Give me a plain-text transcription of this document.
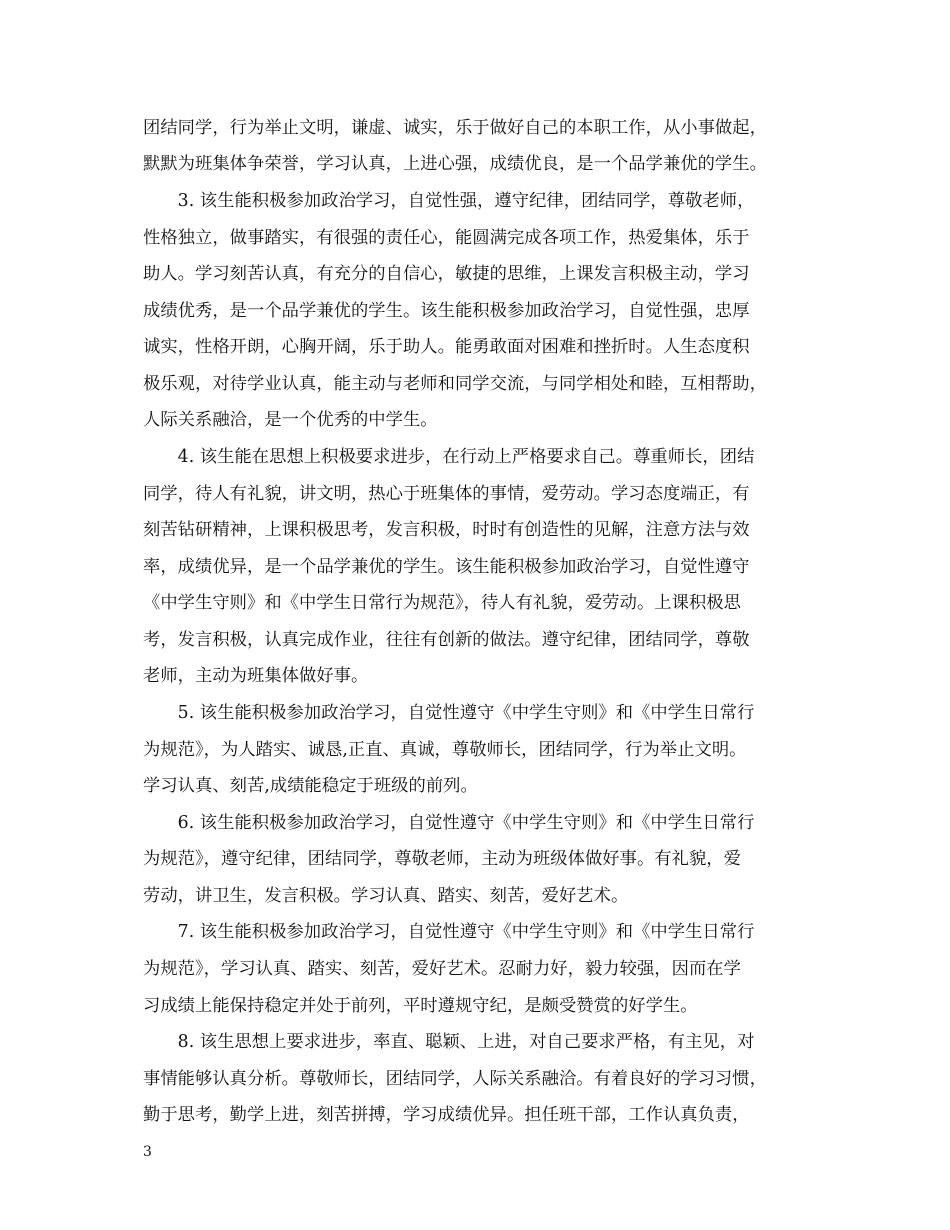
团结同学，行为举止文明，谦虚、诚实，乐于做好自己的本职工作，从小事做起，
默默为班集体争荣誉，学习认真，上进心强，成绩优良，是一个品学兼优的学生。
　　3. 该生能积极参加政治学习，自觉性强，遵守纪律，团结同学，尊敬老师，
性格独立，做事踏实，有很强的责任心，能圆满完成各项工作，热爱集体，乐于
助人。学习刻苦认真，有充分的自信心，敏捷的思维，上课发言积极主动，学习
成绩优秀，是一个品学兼优的学生。该生能积极参加政治学习，自觉性强，忠厚
诚实，性格开朗，心胸开阔，乐于助人。能勇敢面对困难和挫折时。人生态度积
极乐观，对待学业认真，能主动与老师和同学交流，与同学相处和睦，互相帮助，
人际关系融洽，是一个优秀的中学生。
　　4. 该生能在思想上积极要求进步，在行动上严格要求自己。尊重师长，团结
同学，待人有礼貌，讲文明，热心于班集体的事情，爱劳动。学习态度端正，有
刻苦钻研精神，上课积极思考，发言积极，时时有创造性的见解，注意方法与效
率，成绩优异，是一个品学兼优的学生。该生能积极参加政治学习，自觉性遵守
《中学生守则》和《中学生日常行为规范》，待人有礼貌，爱劳动。上课积极思
考，发言积极，认真完成作业，往往有创新的做法。遵守纪律，团结同学，尊敬
老师，主动为班集体做好事。
　　5. 该生能积极参加政治学习，自觉性遵守《中学生守则》和《中学生日常行
为规范》，为人踏实、诚恳,正直、真诚，尊敬师长，团结同学，行为举止文明。
学习认真、刻苦,成绩能稳定于班级的前列。
　　6. 该生能积极参加政治学习，自觉性遵守《中学生守则》和《中学生日常行
为规范》，遵守纪律，团结同学，尊敬老师，主动为班级体做好事。有礼貌，爱
劳动，讲卫生，发言积极。学习认真、踏实、刻苦，爱好艺术。
　　7. 该生能积极参加政治学习，自觉性遵守《中学生守则》和《中学生日常行
为规范》，学习认真、踏实、刻苦，爱好艺术。忍耐力好，毅力较强，因而在学
习成绩上能保持稳定并处于前列，平时遵规守纪，是颇受赞赏的好学生。
　　8. 该生思想上要求进步，率直、聪颖、上进，对自己要求严格，有主见，对
事情能够认真分析。尊敬师长，团结同学，人际关系融洽。有着良好的学习习惯，
勤于思考，勤学上进，刻苦拼搏，学习成绩优异。担任班干部，工作认真负责，
3
